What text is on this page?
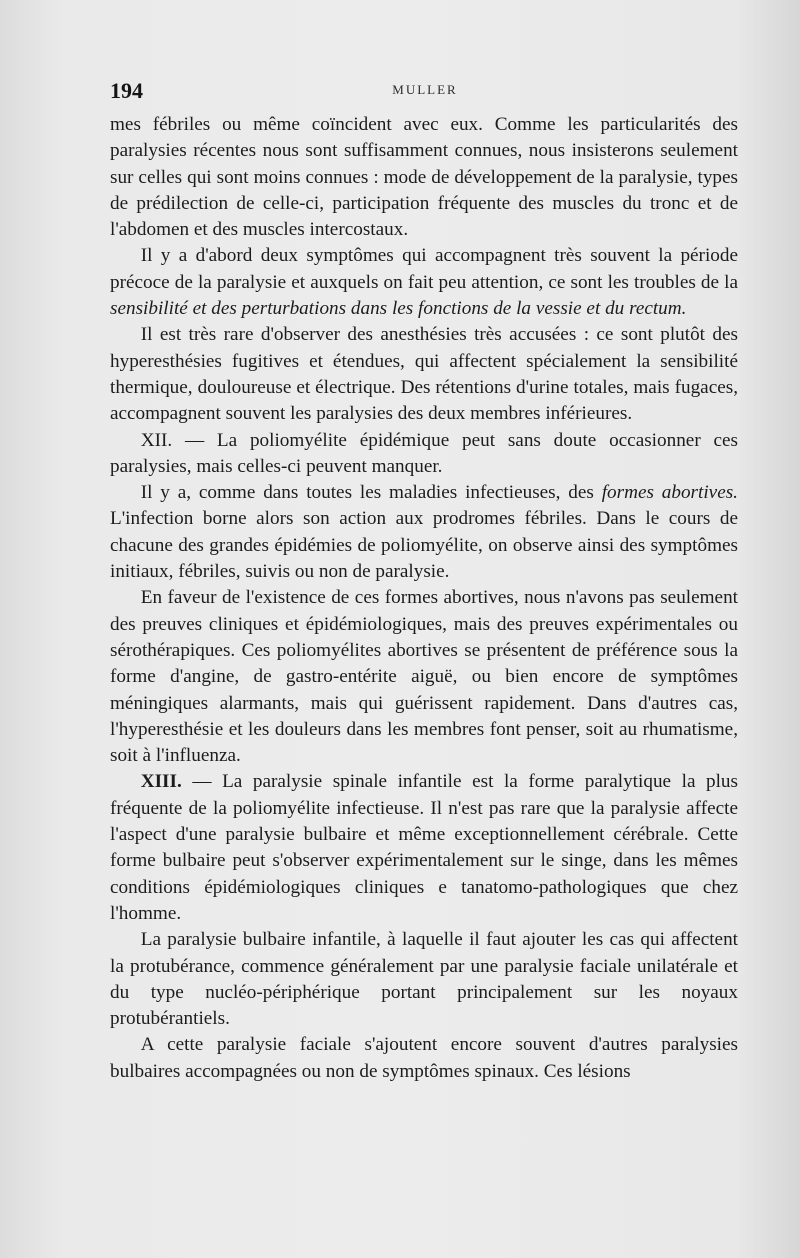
194	MULLER

mes fébriles ou même coïncident avec eux. Comme les particularités des paralysies récentes nous sont suffisamment connues, nous insisterons seulement sur celles qui sont moins connues : mode de développement de la paralysie, types de prédilection de celle-ci, participation fréquente des muscles du tronc et de l'abdomen et des muscles intercostaux.

Il y a d'abord deux symptômes qui accompagnent très souvent la période précoce de la paralysie et auxquels on fait peu attention, ce sont les troubles de la sensibilité et des perturbations dans les fonctions de la vessie et du rectum.

Il est très rare d'observer des anesthésies très accusées : ce sont plutôt des hyperesthésies fugitives et étendues, qui affectent spécialement la sensibilité thermique, douloureuse et électrique. Des rétentions d'urine totales, mais fugaces, accompagnent souvent les paralysies des deux membres inférieures.

XII. — La poliomyélite épidémique peut sans doute occasionner ces paralysies, mais celles-ci peuvent manquer.

Il y a, comme dans toutes les maladies infectieuses, des formes abortives. L'infection borne alors son action aux prodromes fébriles. Dans le cours de chacune des grandes épidémies de poliomyélite, on observe ainsi des symptômes initiaux, fébriles, suivis ou non de paralysie.

En faveur de l'existence de ces formes abortives, nous n'avons pas seulement des preuves cliniques et épidémiologiques, mais des preuves expérimentales ou sérothérapiques. Ces poliomyélites abortives se présentent de préférence sous la forme d'angine, de gastro-entérite aiguë, ou bien encore de symptômes méningiques alarmants, mais qui guérissent rapidement. Dans d'autres cas, l'hyperesthésie et les douleurs dans les membres font penser, soit au rhumatisme, soit à l'influenza.

XIII. — La paralysie spinale infantile est la forme paralytique la plus fréquente de la poliomyélite infectieuse. Il n'est pas rare que la paralysie affecte l'aspect d'une paralysie bulbaire et même exceptionnellement cérébrale. Cette forme bulbaire peut s'observer expérimentalement sur le singe, dans les mêmes conditions épidémiologiques cliniques e tanatomo-pathologiques que chez l'homme.

La paralysie bulbaire infantile, à laquelle il faut ajouter les cas qui affectent la protubérance, commence généralement par une paralysie faciale unilatérale et du type nucléo-périphérique portant principalement sur les noyaux protubérantiels.

A cette paralysie faciale s'ajoutent encore souvent d'autres paralysies bulbaires accompagnées ou non de symptômes spinaux. Ces lésions
